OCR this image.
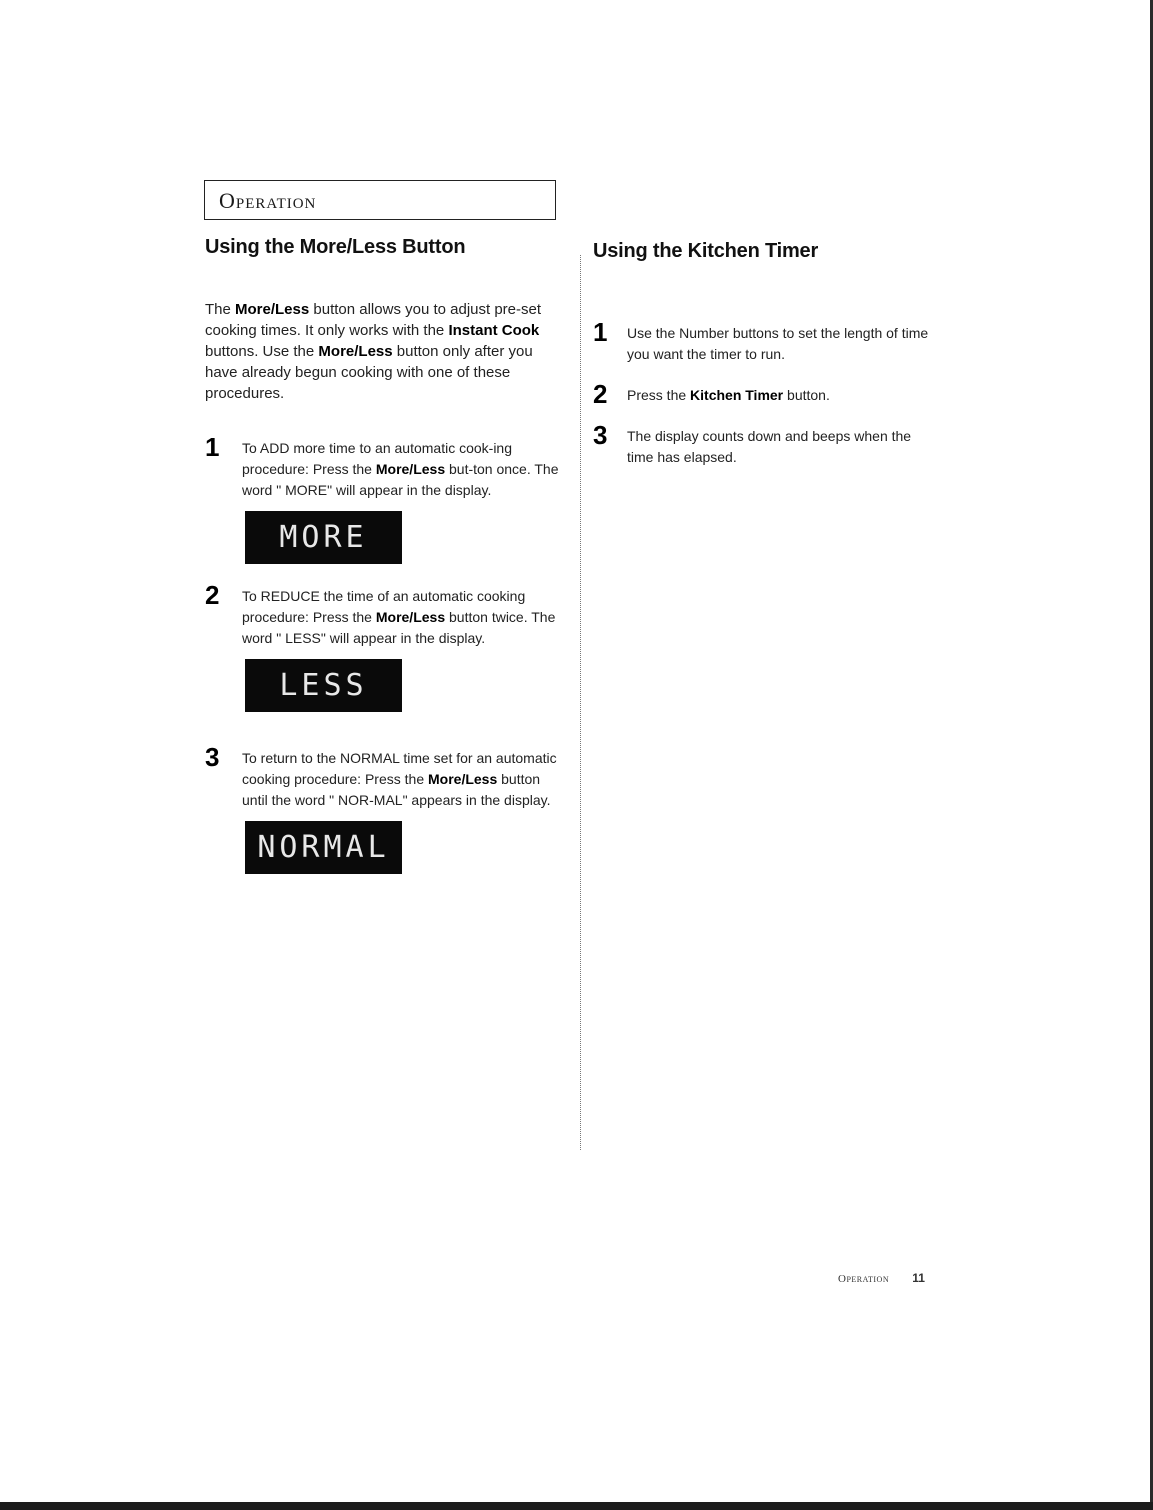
Operation
Using the More/Less Button

The More/Less button allows you to adjust pre-set cooking times. It only works with the Instant Cook buttons. Use the More/Less button only after you have already begun cooking with one of these procedures.

1	To ADD more time to an automatic cook-ing procedure: Press the More/Less but-ton once. The word " MORE" will appear in the display.
MORE
2	To REDUCE the time of an automatic cooking procedure: Press the More/Less button twice. The word " LESS" will appear in the display.
LESS
3	To return to the NORMAL time set for an automatic cooking procedure: Press the More/Less button until the word " NOR-MAL" appears in the display.
NORMAL
Using the Kitchen Timer
1	Use the Number buttons to set the length of time you want the timer to run.
2	Press the Kitchen Timer button.
3	The display counts down and beeps when the time has elapsed.
Operation 11
